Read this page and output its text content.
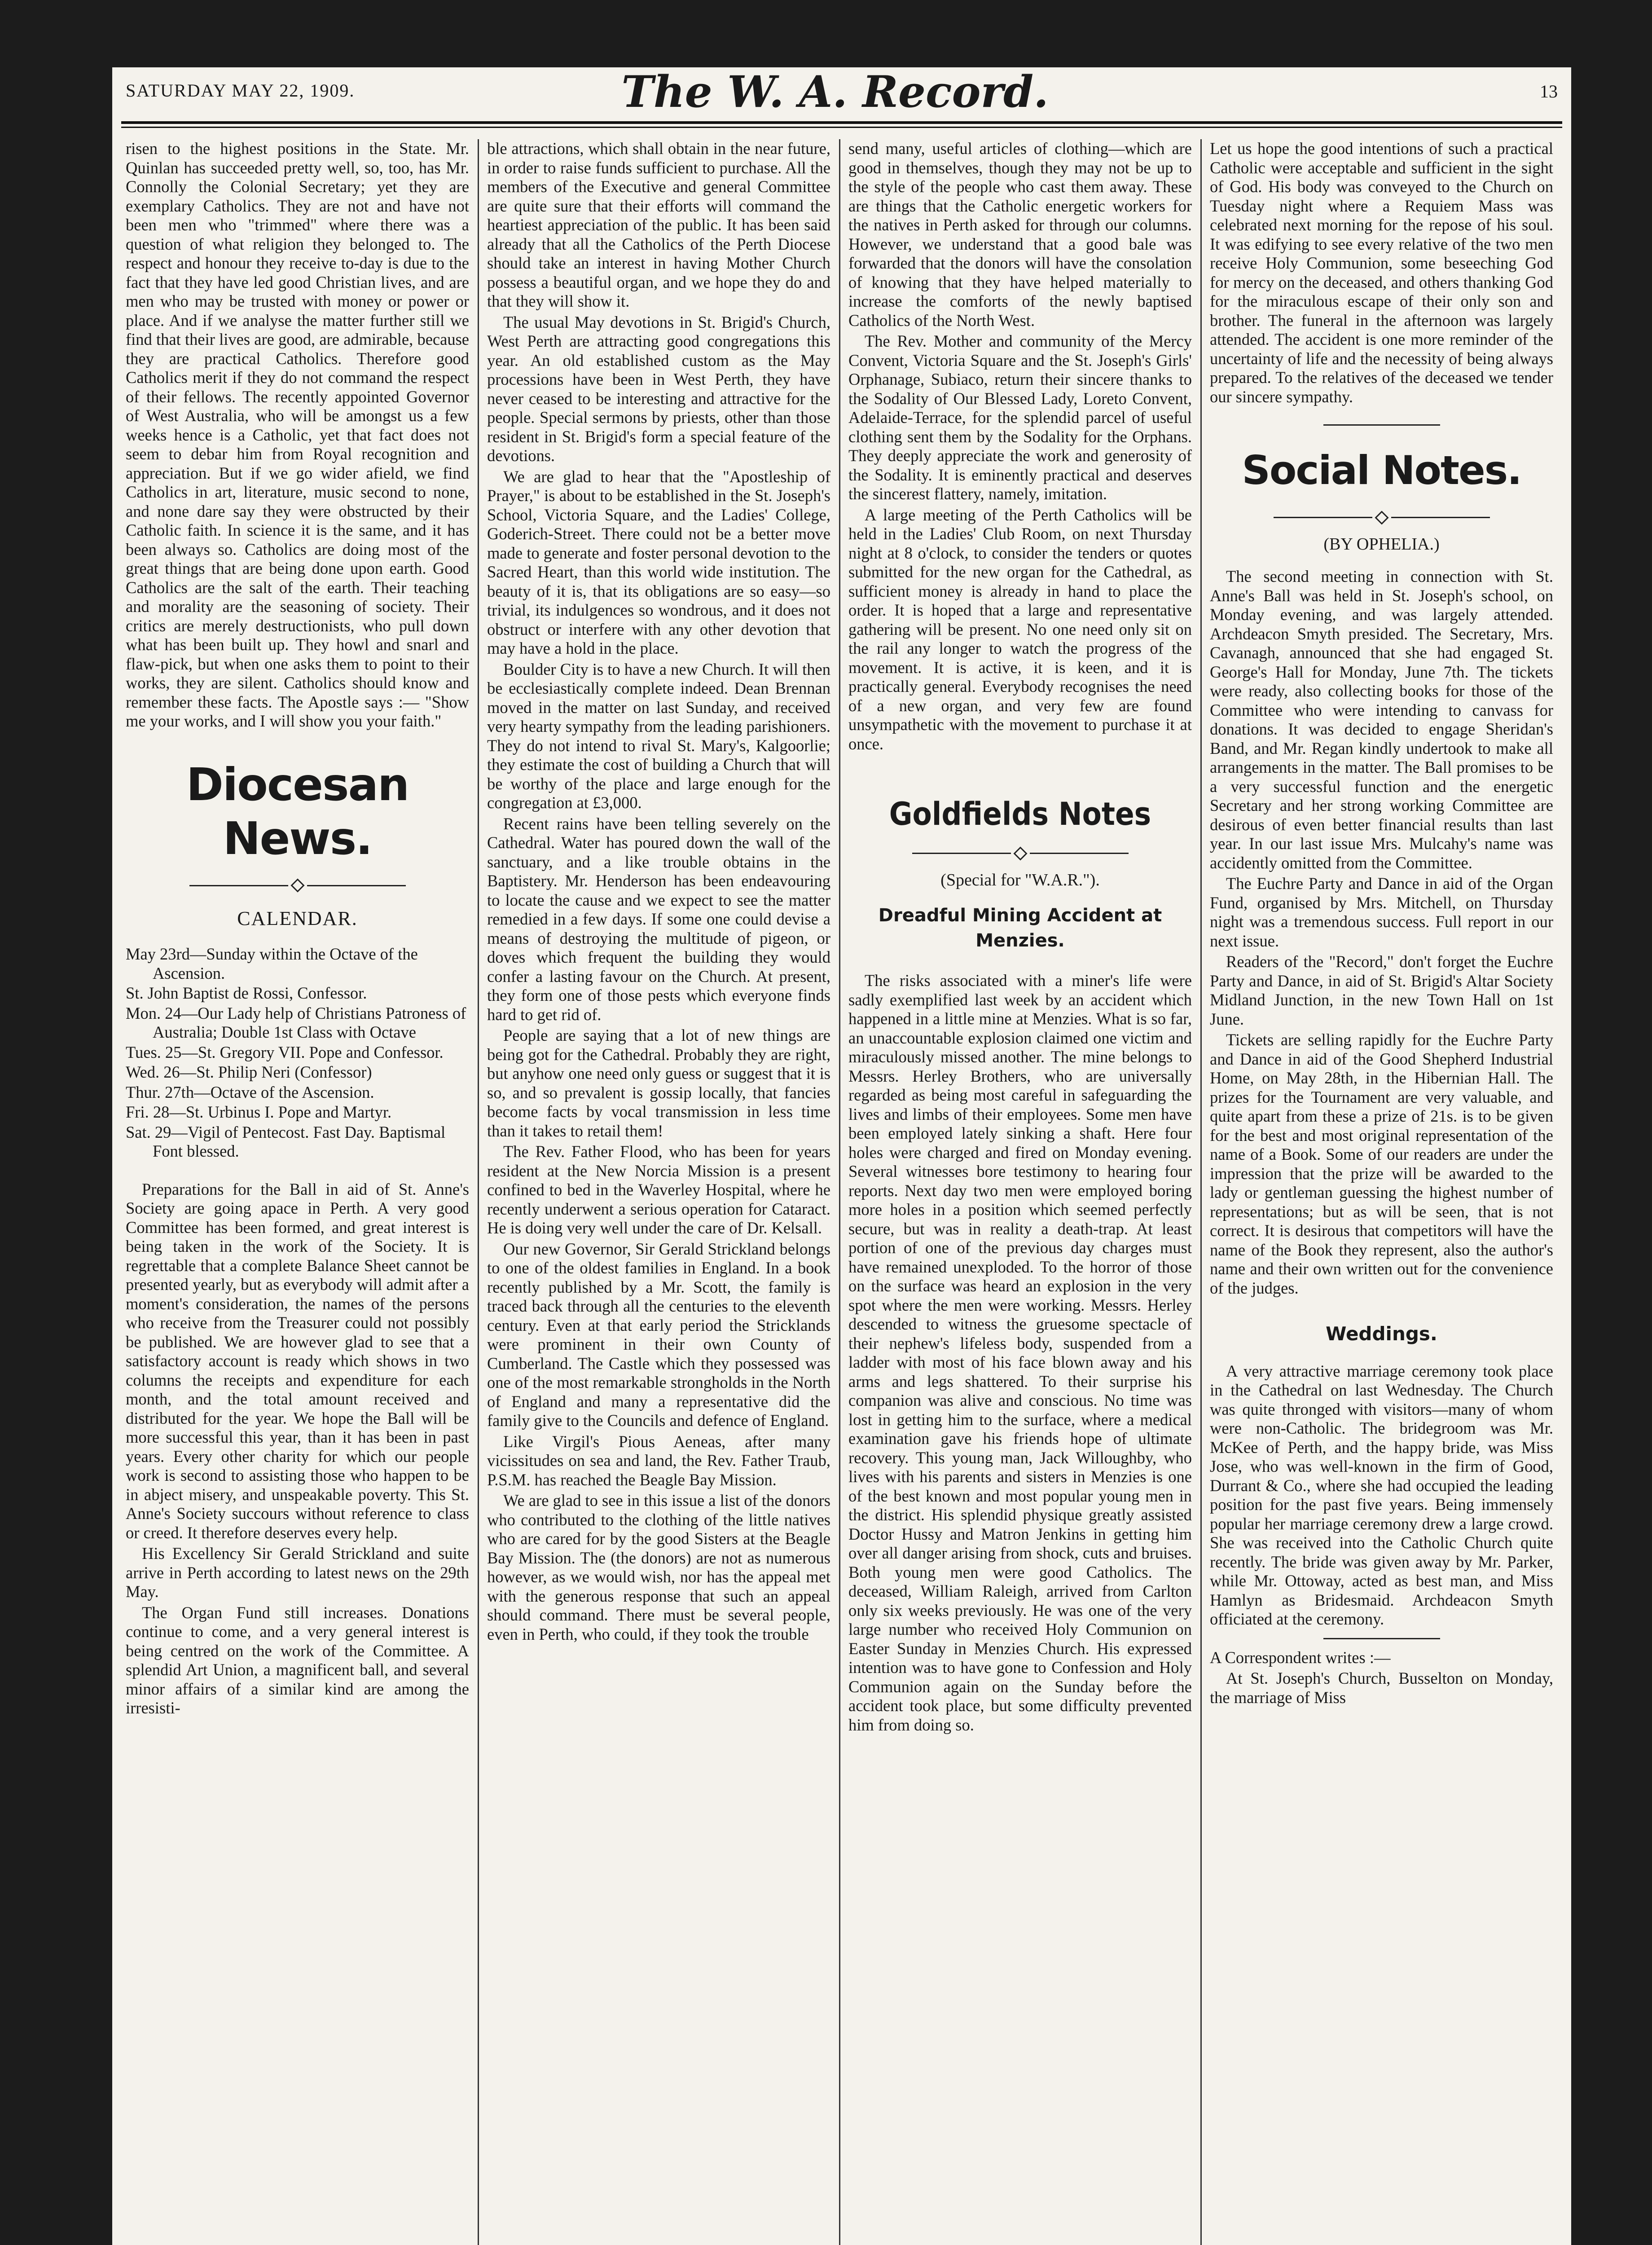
SATURDAY MAY 22, 1909.	The W. A. Record.	13

risen to the highest positions in the State. Mr. Quinlan has succeeded pretty well, so, too, has Mr. Connolly the Colonial Secretary; yet they are exemplary Catholics. They are not and have not been men who "trimmed" where there was a question of what religion they belonged to. The respect and honour they receive to-day is due to the fact that they have led good Christian lives, and are men who may be trusted with money or power or place. And if we analyse the matter further still we find that their lives are good, are admirable, because they are practical Catholics. Therefore good Catholics merit if they do not command the respect of their fellows. The recently appointed Governor of West Australia, who will be amongst us a few weeks hence is a Catholic, yet that fact does not seem to debar him from Royal recognition and appreciation. But if we go wider afield, we find Catholics in art, literature, music second to none, and none dare say they were obstructed by their Catholic faith. In science it is the same, and it has been always so. Catholics are doing most of the great things that are being done upon earth. Good Catholics are the salt of the earth. Their teaching and morality are the seasoning of society. Their critics are merely destructionists, who pull down what has been built up. They howl and snarl and flaw-pick, but when one asks them to point to their works, they are silent. Catholics should know and remember these facts. The Apostle says :— "Show me your works, and I will show you your faith."

Diocesan News.
CALENDAR.
May 23rd—Sunday within the Octave of the Ascension.
St. John Baptist de Rossi, Confessor.
Mon. 24—Our Lady help of Christians Patroness of Australia; Double 1st Class with Octave
Tues. 25—St. Gregory VII. Pope and Confessor.
Wed. 26—St. Philip Neri (Confessor)
Thur. 27th—Octave of the Ascension.
Fri. 28—St. Urbinus I. Pope and Martyr.
Sat. 29—Vigil of Pentecost. Fast Day. Baptismal Font blessed.

Preparations for the Ball in aid of St. Anne's Society are going apace in Perth. A very good Committee has been formed, and great interest is being taken in the work of the Society. It is regrettable that a complete Balance Sheet cannot be presented yearly, but as everybody will admit after a moment's consideration, the names of the persons who receive from the Treasurer could not possibly be published. We are however glad to see that a satisfactory account is ready which shows in two columns the receipts and expenditure for each month, and the total amount received and distributed for the year. We hope the Ball will be more successful this year, than it has been in past years. Every other charity for which our people work is second to assisting those who happen to be in abject misery, and unspeakable poverty. This St. Anne's Society succours without reference to class or creed. It therefore deserves every help.

His Excellency Sir Gerald Strickland and suite arrive in Perth according to latest news on the 29th May.

The Organ Fund still increases. Donations continue to come, and a very general interest is being centred on the work of the Committee. A splendid Art Union, a magnificent ball, and several minor affairs of a similar kind are among the irresisti-

ble attractions, which shall obtain in the near future, in order to raise funds sufficient to purchase. All the members of the Executive and general Committee are quite sure that their efforts will command the heartiest appreciation of the public. It has been said already that all the Catholics of the Perth Diocese should take an interest in having Mother Church possess a beautiful organ, and we hope they do and that they will show it.

The usual May devotions in St. Brigid's Church, West Perth are attracting good congregations this year. An old established custom as the May processions have been in West Perth, they have never ceased to be interesting and attractive for the people. Special sermons by priests, other than those resident in St. Brigid's form a special feature of the devotions.

We are glad to hear that the "Apostleship of Prayer," is about to be established in the St. Joseph's School, Victoria Square, and the Ladies' College, Goderich-Street. There could not be a better move made to generate and foster personal devotion to the Sacred Heart, than this world wide institution. The beauty of it is, that its obligations are so easy—so trivial, its indulgences so wondrous, and it does not obstruct or interfere with any other devotion that may have a hold in the place.

Boulder City is to have a new Church. It will then be ecclesiastically complete indeed. Dean Brennan moved in the matter on last Sunday, and received very hearty sympathy from the leading parishioners. They do not intend to rival St. Mary's, Kalgoorlie; they estimate the cost of building a Church that will be worthy of the place and large enough for the congregation at £3,000.

Recent rains have been telling severely on the Cathedral. Water has poured down the wall of the sanctuary, and a like trouble obtains in the Baptistery. Mr. Henderson has been endeavouring to locate the cause and we expect to see the matter remedied in a few days. If some one could devise a means of destroying the multitude of pigeon, or doves which frequent the building they would confer a lasting favour on the Church. At present, they form one of those pests which everyone finds hard to get rid of.

People are saying that a lot of new things are being got for the Cathedral. Probably they are right, but anyhow one need only guess or suggest that it is so, and so prevalent is gossip locally, that fancies become facts by vocal transmission in less time than it takes to retail them!

The Rev. Father Flood, who has been for years resident at the New Norcia Mission is a present confined to bed in the Waverley Hospital, where he recently underwent a serious operation for Cataract. He is doing very well under the care of Dr. Kelsall.

Our new Governor, Sir Gerald Strickland belongs to one of the oldest families in England. In a book recently published by a Mr. Scott, the family is traced back through all the centuries to the eleventh century. Even at that early period the Stricklands were prominent in their own County of Cumberland. The Castle which they possessed was one of the most remarkable strongholds in the North of England and many a representative did the family give to the Councils and defence of England.

Like Virgil's Pious Aeneas, after many vicissitudes on sea and land, the Rev. Father Traub, P.S.M. has reached the Beagle Bay Mission.

We are glad to see in this issue a list of the donors who contributed to the clothing of the little natives who are cared for by the good Sisters at the Beagle Bay Mission. The (the donors) are not as numerous however, as we would wish, nor has the appeal met with the generous response that such an appeal should command. There must be several people, even in Perth, who could, if they took the trouble

send many, useful articles of clothing—which are good in themselves, though they may not be up to the style of the people who cast them away. These are things that the Catholic energetic workers for the natives in Perth asked for through our columns. However, we understand that a good bale was forwarded that the donors will have the consolation of knowing that they have helped materially to increase the comforts of the newly baptised Catholics of the North West.

The Rev. Mother and community of the Mercy Convent, Victoria Square and the St. Joseph's Girls' Orphanage, Subiaco, return their sincere thanks to the Sodality of Our Blessed Lady, Loreto Convent, Adelaide-Terrace, for the splendid parcel of useful clothing sent them by the Sodality for the Orphans. They deeply appreciate the work and generosity of the Sodality. It is eminently practical and deserves the sincerest flattery, namely, imitation.

A large meeting of the Perth Catholics will be held in the Ladies' Club Room, on next Thursday night at 8 o'clock, to consider the tenders or quotes submitted for the new organ for the Cathedral, as sufficient money is already in hand to place the order. It is hoped that a large and representative gathering will be present. No one need only sit on the rail any longer to watch the progress of the movement. It is active, it is keen, and it is practically general. Everybody recognises the need of a new organ, and very few are found unsympathetic with the movement to purchase it at once.

Goldfields Notes
(Special for "W.A.R.").
Dreadful Mining Accident at Menzies.

The risks associated with a miner's life were sadly exemplified last week by an accident which happened in a little mine at Menzies. What is so far, an unaccountable explosion claimed one victim and miraculously missed another. The mine belongs to Messrs. Herley Brothers, who are universally regarded as being most careful in safeguarding the lives and limbs of their employees. Some men have been employed lately sinking a shaft. Here four holes were charged and fired on Monday evening. Several witnesses bore testimony to hearing four reports. Next day two men were employed boring more holes in a position which seemed perfectly secure, but was in reality a death-trap. At least portion of one of the previous day charges must have remained unexploded. To the horror of those on the surface was heard an explosion in the very spot where the men were working. Messrs. Herley descended to witness the gruesome spectacle of their nephew's lifeless body, suspended from a ladder with most of his face blown away and his arms and legs shattered. To their surprise his companion was alive and conscious. No time was lost in getting him to the surface, where a medical examination gave his friends hope of ultimate recovery. This young man, Jack Willoughby, who lives with his parents and sisters in Menzies is one of the best known and most popular young men in the district. His splendid physique greatly assisted Doctor Hussy and Matron Jenkins in getting him over all danger arising from shock, cuts and bruises. Both young men were good Catholics. The deceased, William Raleigh, arrived from Carlton only six weeks previously. He was one of the very large number who received Holy Communion on Easter Sunday in Menzies Church. His expressed intention was to have gone to Confession and Holy Communion again on the Sunday before the accident took place, but some difficulty prevented him from doing so.

Let us hope the good intentions of such a practical Catholic were acceptable and sufficient in the sight of God. His body was conveyed to the Church on Tuesday night where a Requiem Mass was celebrated next morning for the repose of his soul. It was edifying to see every relative of the two men receive Holy Communion, some beseeching God for mercy on the deceased, and others thanking God for the miraculous escape of their only son and brother. The funeral in the afternoon was largely attended. The accident is one more reminder of the uncertainty of life and the necessity of being always prepared. To the relatives of the deceased we tender our sincere sympathy.

Social Notes.
(BY OPHELIA.)

The second meeting in connection with St. Anne's Ball was held in St. Joseph's school, on Monday evening, and was largely attended. Archdeacon Smyth presided. The Secretary, Mrs. Cavanagh, announced that she had engaged St. George's Hall for Monday, June 7th. The tickets were ready, also collecting books for those of the Committee who were intending to canvass for donations. It was decided to engage Sheridan's Band, and Mr. Regan kindly undertook to make all arrangements in the matter. The Ball promises to be a very successful function and the energetic Secretary and her strong working Committee are desirous of even better financial results than last year. In our last issue Mrs. Mulcahy's name was accidently omitted from the Committee.

The Euchre Party and Dance in aid of the Organ Fund, organised by Mrs. Mitchell, on Thursday night was a tremendous success. Full report in our next issue.

Readers of the "Record," don't forget the Euchre Party and Dance, in aid of St. Brigid's Altar Society Midland Junction, in the new Town Hall on 1st June.

Tickets are selling rapidly for the Euchre Party and Dance in aid of the Good Shepherd Industrial Home, on May 28th, in the Hibernian Hall. The prizes for the Tournament are very valuable, and quite apart from these a prize of 21s. is to be given for the best and most original representation of the name of a Book. Some of our readers are under the impression that the prize will be awarded to the lady or gentleman guessing the highest number of representations; but as will be seen, that is not correct. It is desirous that competitors will have the name of the Book they represent, also the author's name and their own written out for the convenience of the judges.

Weddings.

A very attractive marriage ceremony took place in the Cathedral on last Wednesday. The Church was quite thronged with visitors—many of whom were non-Catholic. The bridegroom was Mr. McKee of Perth, and the happy bride, was Miss Jose, who was well-known in the firm of Good, Durrant & Co., where she had occupied the leading position for the past five years. Being immensely popular her marriage ceremony drew a large crowd. She was received into the Catholic Church quite recently. The bride was given away by Mr. Parker, while Mr. Ottoway, acted as best man, and Miss Hamlyn as Bridesmaid. Archdeacon Smyth officiated at the ceremony.

A Correspondent writes :—

At St. Joseph's Church, Busselton on Monday, the marriage of Miss
